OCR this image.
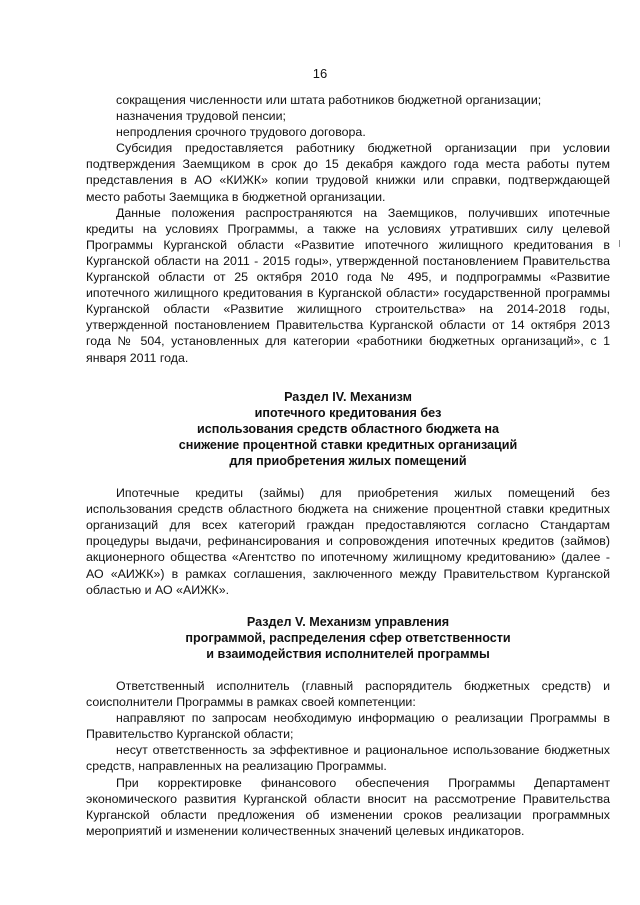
16

сокращения численности или штата работников бюджетной организации;

назначения трудовой пенсии;

непродления срочного трудового договора.

Субсидия предоставляется работнику бюджетной организации при условии подтверждения Заемщиком в срок до 15 декабря каждого года места работы путем представления в АО «КИЖК» копии трудовой книжки или справки, подтверждающей место работы Заемщика в бюджетной организации.

Данные положения распространяются на Заемщиков, получивших ипотечные кредиты на условиях Программы, а также на условиях утративших силу целевой Программы Курганской области «Развитие ипотечного жилищного кредитования в Курганской области на 2011 - 2015 годы», утвержденной постановлением Правительства Курганской области от 25 октября 2010 года № 495, и подпрограммы «Развитие ипотечного жилищного кредитования в Курганской области» государственной программы Курганской области «Развитие жилищного строительства» на 2014-2018 годы, утвержденной постановлением Правительства Курганской области от 14 октября 2013 года № 504, установленных для категории «работники бюджетных организаций», с 1 января 2011 года.

Раздел IV. Механизм

ипотечного кредитования без

использования средств областного бюджета на

снижение процентной ставки кредитных организаций

для приобретения жилых помещений

Ипотечные кредиты (займы) для приобретения жилых помещений без использования средств областного бюджета на снижение процентной ставки кредитных организаций для всех категорий граждан предоставляются согласно Стандартам процедуры выдачи, рефинансирования и сопровождения ипотечных кредитов (займов) акционерного общества «Агентство по ипотечному жилищному кредитованию» (далее - АО «АИЖК») в рамках соглашения, заключенного между Правительством Курганской областью и АО «АИЖК».

Раздел V. Механизм управления

программой, распределения сфер ответственности

и взаимодействия исполнителей программы

Ответственный исполнитель (главный распорядитель бюджетных средств) и соисполнители Программы в рамках своей компетенции:

направляют по запросам необходимую информацию о реализации Программы в Правительство Курганской области;

несут ответственность за эффективное и рациональное использование бюджетных средств, направленных на реализацию Программы.

При корректировке финансового обеспечения Программы Департамент экономического развития Курганской области вносит на рассмотрение Правительства Курганской области предложения об изменении сроков реализации программных мероприятий и изменении количественных значений целевых индикаторов.
